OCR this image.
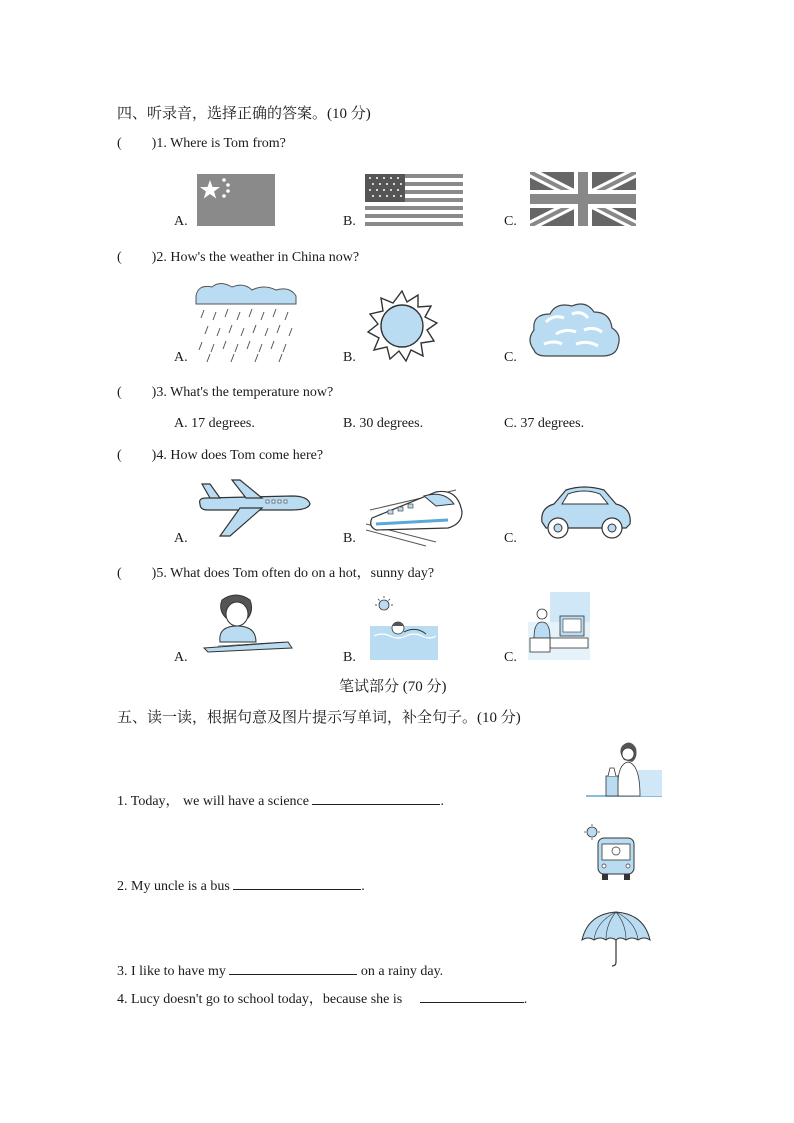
四、听录音，选择正确的答案。(10 分)
( )1. Where is Tom from?
A.	B.	C.
( )2. How's the weather in China now?
A.	B.	C.
( )3. What's the temperature now?
A. 17 degrees.	B. 30 degrees.	C. 37 degrees.
( )4. How does Tom come here?
A.	B.	C.
( )5. What does Tom often do on a hot，sunny day?
A.	B.	C.
笔试部分 (70 分)
五、读一读，根据句意及图片提示写单词，补全句子。(10 分)
1. Today， we will have a science	.
2. My uncle is a bus	.
3. I like to have my	on a rainy day.
4. Lucy doesn't go to school today，because she is	.
